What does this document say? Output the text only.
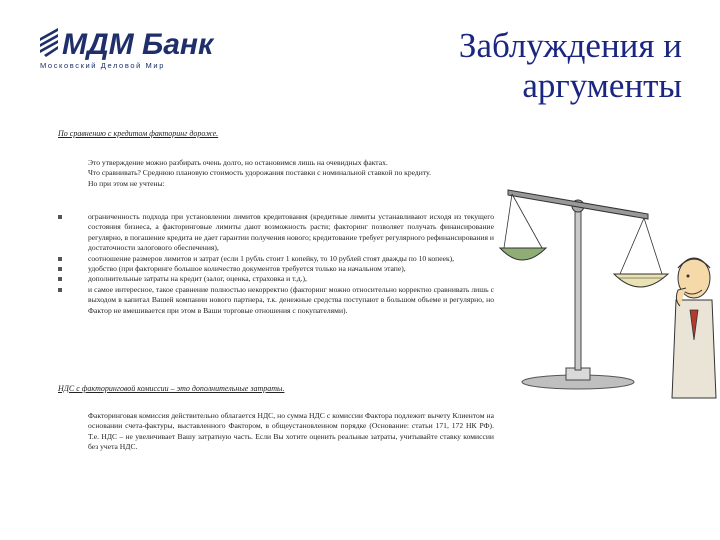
МДМ Банк
Московский Деловой Мир
Заблуждения и аргументы
По сравнению с кредитом факторинг дороже.

Это утверждение можно разбирать очень долго, но остановимся лишь на очевидных фактах.

Что сравнивать? Среднюю плановую стоимость удорожания поставки с номинальной ставкой по кредиту.

Но при этом не учтены:

ограниченность подхода при установлении лимитов кредитования (кредитные лимиты устанавливают исходя из текущего состояния бизнеса, а факторинговые лимиты дают возможность расти; факторинг позволяет получать финансирование регулярно, в погашение кредита не дает гарантии получения нового; кредитование требует регулярного рефинансирования и достаточности залогового обеспечения),
соотношение размеров лимитов и затрат (если 1 рубль стоит 1 копейку, то 10 рублей стоят дважды по 10 копеек),
удобство (при факторинге большое количество документов требуется только на начальном этапе),
дополнительные затраты на кредит (залог, оценка, страховка и т.д.),
и самое интересное, такое сравнение полностью некорректно (факторинг можно относительно корректно сравнивать лишь с выходом в капитал Вашей компании нового партнера, т.к. денежные средства поступают в большом объеме и регулярно, но Фактор не вмешивается при этом в Ваши торговые отношения с покупателями).
НДС с факторинговой комиссии – это дополнительные затраты.

Факторинговая комиссия действительно облагается НДС, но сумма НДС с комиссии Фактора подлежит вычету Клиентом на основании счета-фактуры, выставленного Фактором, в общеустановленном порядке (Основание: статьи 171, 172 НК РФ). Т.е. НДС – не увеличивает Вашу затратную часть. Если Вы хотите оценить реальные затраты, учитывайте ставку комиссии без учета НДС.
